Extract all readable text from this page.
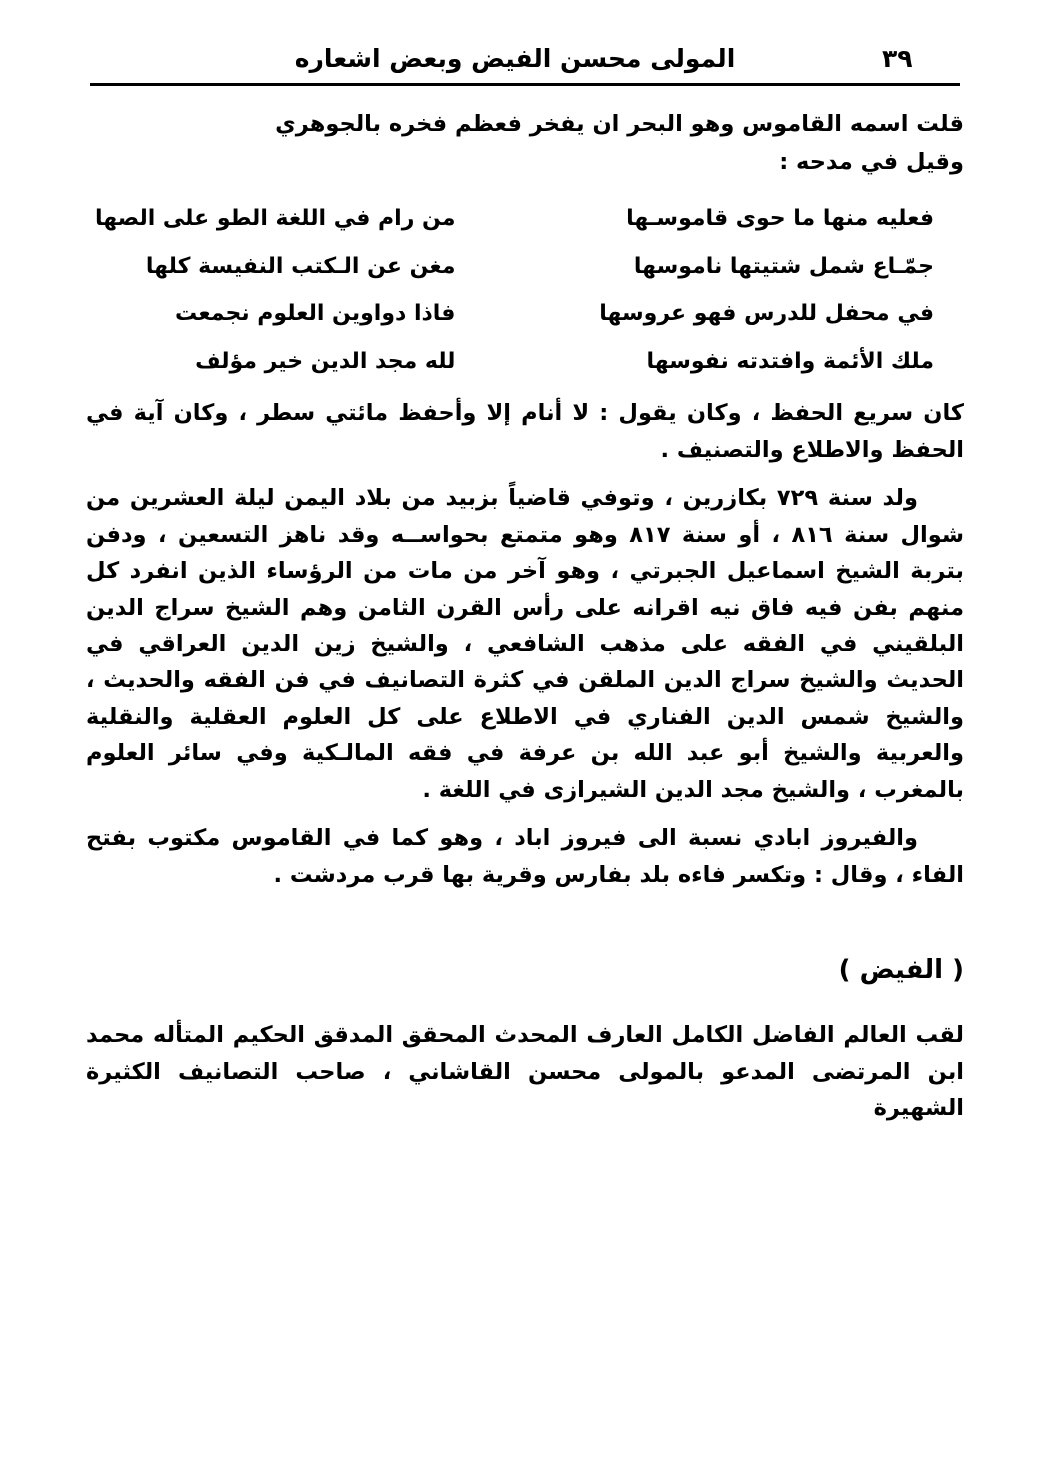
المولى محسن الفيض وبعض اشعاره	٣٩

قلت اسمه القاموس وهو البحر ان يفخر فعظم فخره بالجوهري

وقيل في مدحه :

فعليه منها ما حوى قاموسـها	من رام في اللغة الطو على الصها
جمّـاع شمل شتيتها ناموسها	مغن عن الـكتب النفيسة كلها
في محفل للدرس فهو عروسها	فاذا دواوين العلوم نجمعت
ملك الأئمة وافتدته نفوسها	لله مجد الدين خير مؤلف

كان سريع الحفظ ، وكان يقول : لا أنام إلا وأحفظ مائتي سطر ، وكان آية في الحفظ والاطلاع والتصنيف .

ولد سنة ٧٢٩ بكازرين ، وتوفي قاضياً بزبيد من بلاد اليمن ليلة العشرين من شوال سنة ٨١٦ ، أو سنة ٨١٧ وهو متمتع بحواســه وقد ناهز التسعين ، ودفن بتربة الشيخ اسماعيل الجبرتي ، وهو آخر من مات من الرؤساء الذين انفرد كل منهم بفن فيه فاق نيه اقرانه على رأس القرن الثامن وهم الشيخ سراج الدين البلقيني في الفقه على مذهب الشافعي ، والشيخ زين الدين العراقي في الحديث والشيخ سراج الدين الملقن في كثرة التصانيف في فن الفقه والحديث ، والشيخ شمس الدين الفناري في الاطلاع على كل العلوم العقلية والنقلية والعربية والشيخ أبو عبد الله بن عرفة في فقه المالـكية وفي سائر العلوم بالمغرب ، والشيخ مجد الدين الشيرازى في اللغة .

والفيروز ابادي نسبة الى فيروز اباد ، وهو كما في القاموس مكتوب بفتح الفاء ، وقال : وتكسر فاءه بلد بفارس وقرية بها قرب مردشت .

( الفيض )

لقب العالم الفاضل الكامل العارف المحدث المحقق المدقق الحكيم المتأله محمد ابن المرتضى المدعو بالمولى محسن القاشاني ، صاحب التصانيف الكثيرة الشهيرة
